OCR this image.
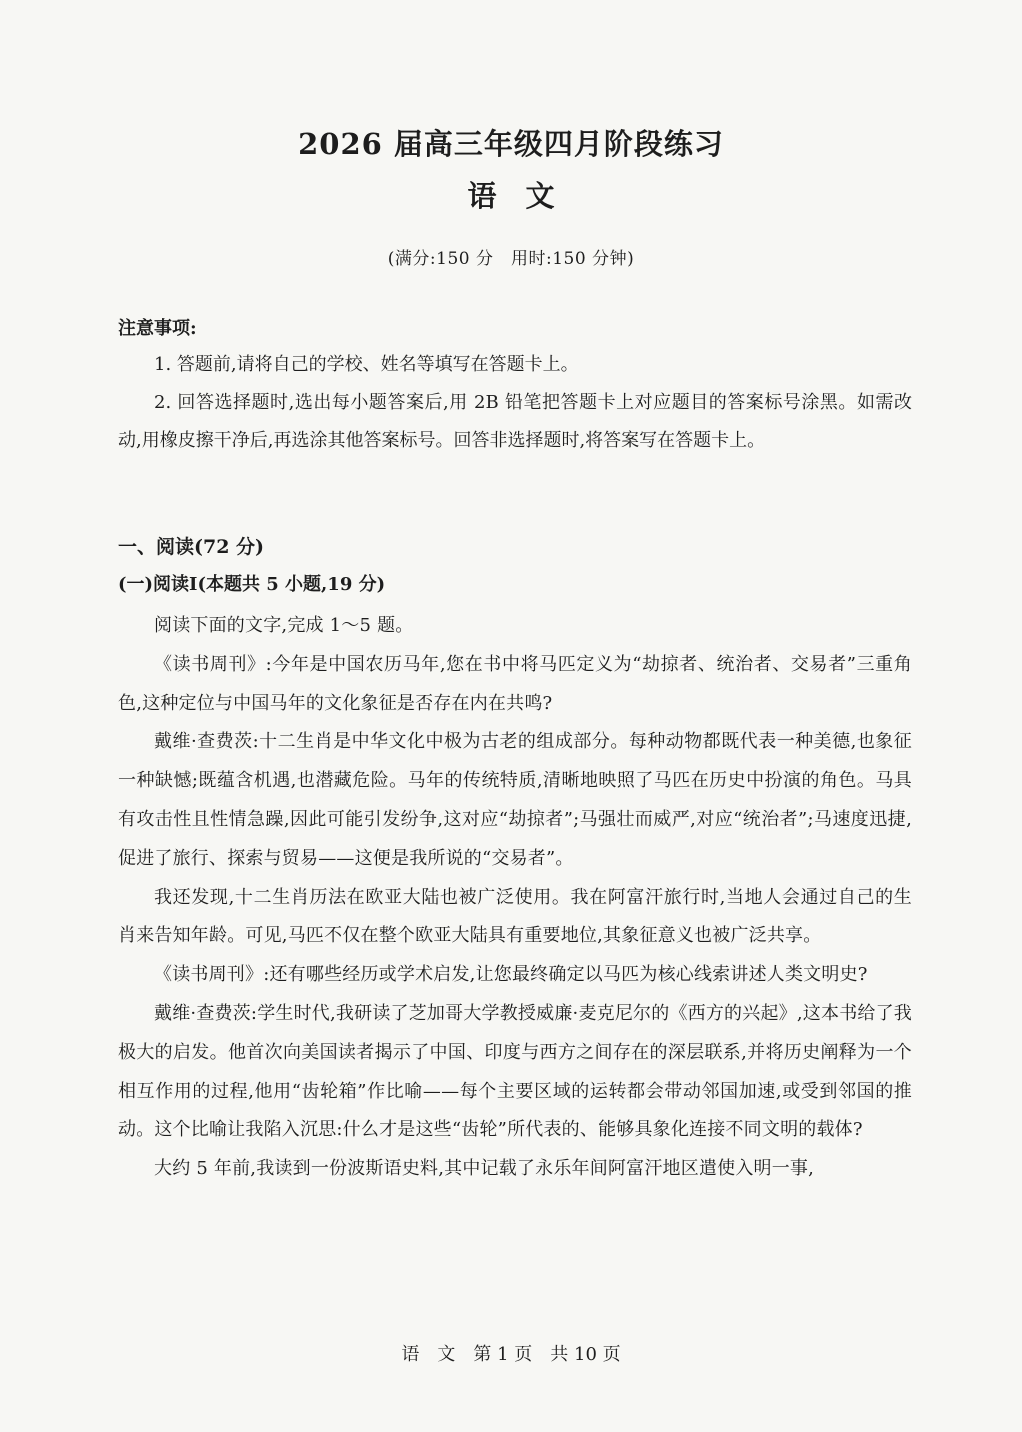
2026 届高三年级四月阶段练习
语　文
(满分:150 分　用时:150 分钟)
注意事项:

1. 答题前,请将自己的学校、姓名等填写在答题卡上。

2. 回答选择题时,选出每小题答案后,用 2B 铅笔把答题卡上对应题目的答案标号涂黑。如需改动,用橡皮擦干净后,再选涂其他答案标号。回答非选择题时,将答案写在答题卡上。

一、阅读(72 分)
(一)阅读Ⅰ(本题共 5 小题,19 分)

阅读下面的文字,完成 1～5 题。

《读书周刊》:今年是中国农历马年,您在书中将马匹定义为“劫掠者、统治者、交易者”三重角色,这种定位与中国马年的文化象征是否存在内在共鸣?

戴维·查费茨:十二生肖是中华文化中极为古老的组成部分。每种动物都既代表一种美德,也象征一种缺憾;既蕴含机遇,也潜藏危险。马年的传统特质,清晰地映照了马匹在历史中扮演的角色。马具有攻击性且性情急躁,因此可能引发纷争,这对应“劫掠者”;马强壮而威严,对应“统治者”;马速度迅捷,促进了旅行、探索与贸易——这便是我所说的“交易者”。

我还发现,十二生肖历法在欧亚大陆也被广泛使用。我在阿富汗旅行时,当地人会通过自己的生肖来告知年龄。可见,马匹不仅在整个欧亚大陆具有重要地位,其象征意义也被广泛共享。

《读书周刊》:还有哪些经历或学术启发,让您最终确定以马匹为核心线索讲述人类文明史?

戴维·查费茨:学生时代,我研读了芝加哥大学教授威廉·麦克尼尔的《西方的兴起》,这本书给了我极大的启发。他首次向美国读者揭示了中国、印度与西方之间存在的深层联系,并将历史阐释为一个相互作用的过程,他用“齿轮箱”作比喻——每个主要区域的运转都会带动邻国加速,或受到邻国的推动。这个比喻让我陷入沉思:什么才是这些“齿轮”所代表的、能够具象化连接不同文明的载体?

大约 5 年前,我读到一份波斯语史料,其中记载了永乐年间阿富汗地区遣使入明一事,

语　文　第 1 页　共 10 页
